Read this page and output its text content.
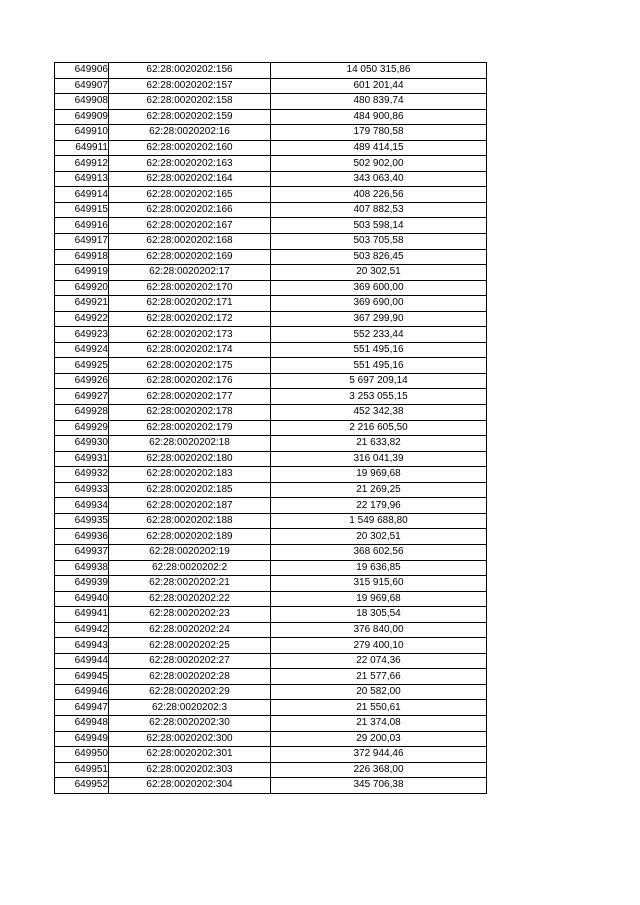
649906	62:28:0020202:156	14 050 315,86
649907	62:28:0020202:157	601 201,44
649908	62:28:0020202:158	480 839,74
649909	62:28:0020202:159	484 900,86
649910	62:28:0020202:16	179 780,58
649911	62:28:0020202:160	489 414,15
649912	62:28:0020202:163	502 902,00
649913	62:28:0020202:164	343 063,40
649914	62:28:0020202:165	408 226,56
649915	62:28:0020202:166	407 882,53
649916	62:28:0020202:167	503 598,14
649917	62:28:0020202:168	503 705,58
649918	62:28:0020202:169	503 826,45
649919	62:28:0020202:17	20 302,51
649920	62:28:0020202:170	369 600,00
649921	62:28:0020202:171	369 690,00
649922	62:28:0020202:172	367 299,90
649923	62:28:0020202:173	552 233,44
649924	62:28:0020202:174	551 495,16
649925	62:28:0020202:175	551 495,16
649926	62:28:0020202:176	5 697 209,14
649927	62:28:0020202:177	3 253 055,15
649928	62:28:0020202:178	452 342,38
649929	62:28:0020202:179	2 216 605,50
649930	62:28:0020202:18	21 633,82
649931	62:28:0020202:180	316 041,39
649932	62:28:0020202:183	19 969,68
649933	62:28:0020202:185	21 269,25
649934	62:28:0020202:187	22 179,96
649935	62:28:0020202:188	1 549 688,80
649936	62:28:0020202:189	20 302,51
649937	62:28:0020202:19	368 602,56
649938	62:28:0020202:2	19 636,85
649939	62:28:0020202:21	315 915,60
649940	62:28:0020202:22	19 969,68
649941	62:28:0020202:23	18 305,54
649942	62:28:0020202:24	376 840,00
649943	62:28:0020202:25	279 400,10
649944	62:28:0020202:27	22 074,36
649945	62:28:0020202:28	21 577,66
649946	62:28:0020202:29	20 582,00
649947	62:28:0020202:3	21 550,61
649948	62:28:0020202:30	21 374,08
649949	62:28:0020202:300	29 200,03
649950	62:28:0020202:301	372 944,46
649951	62:28:0020202:303	226 368,00
649952	62:28:0020202:304	345 706,38
